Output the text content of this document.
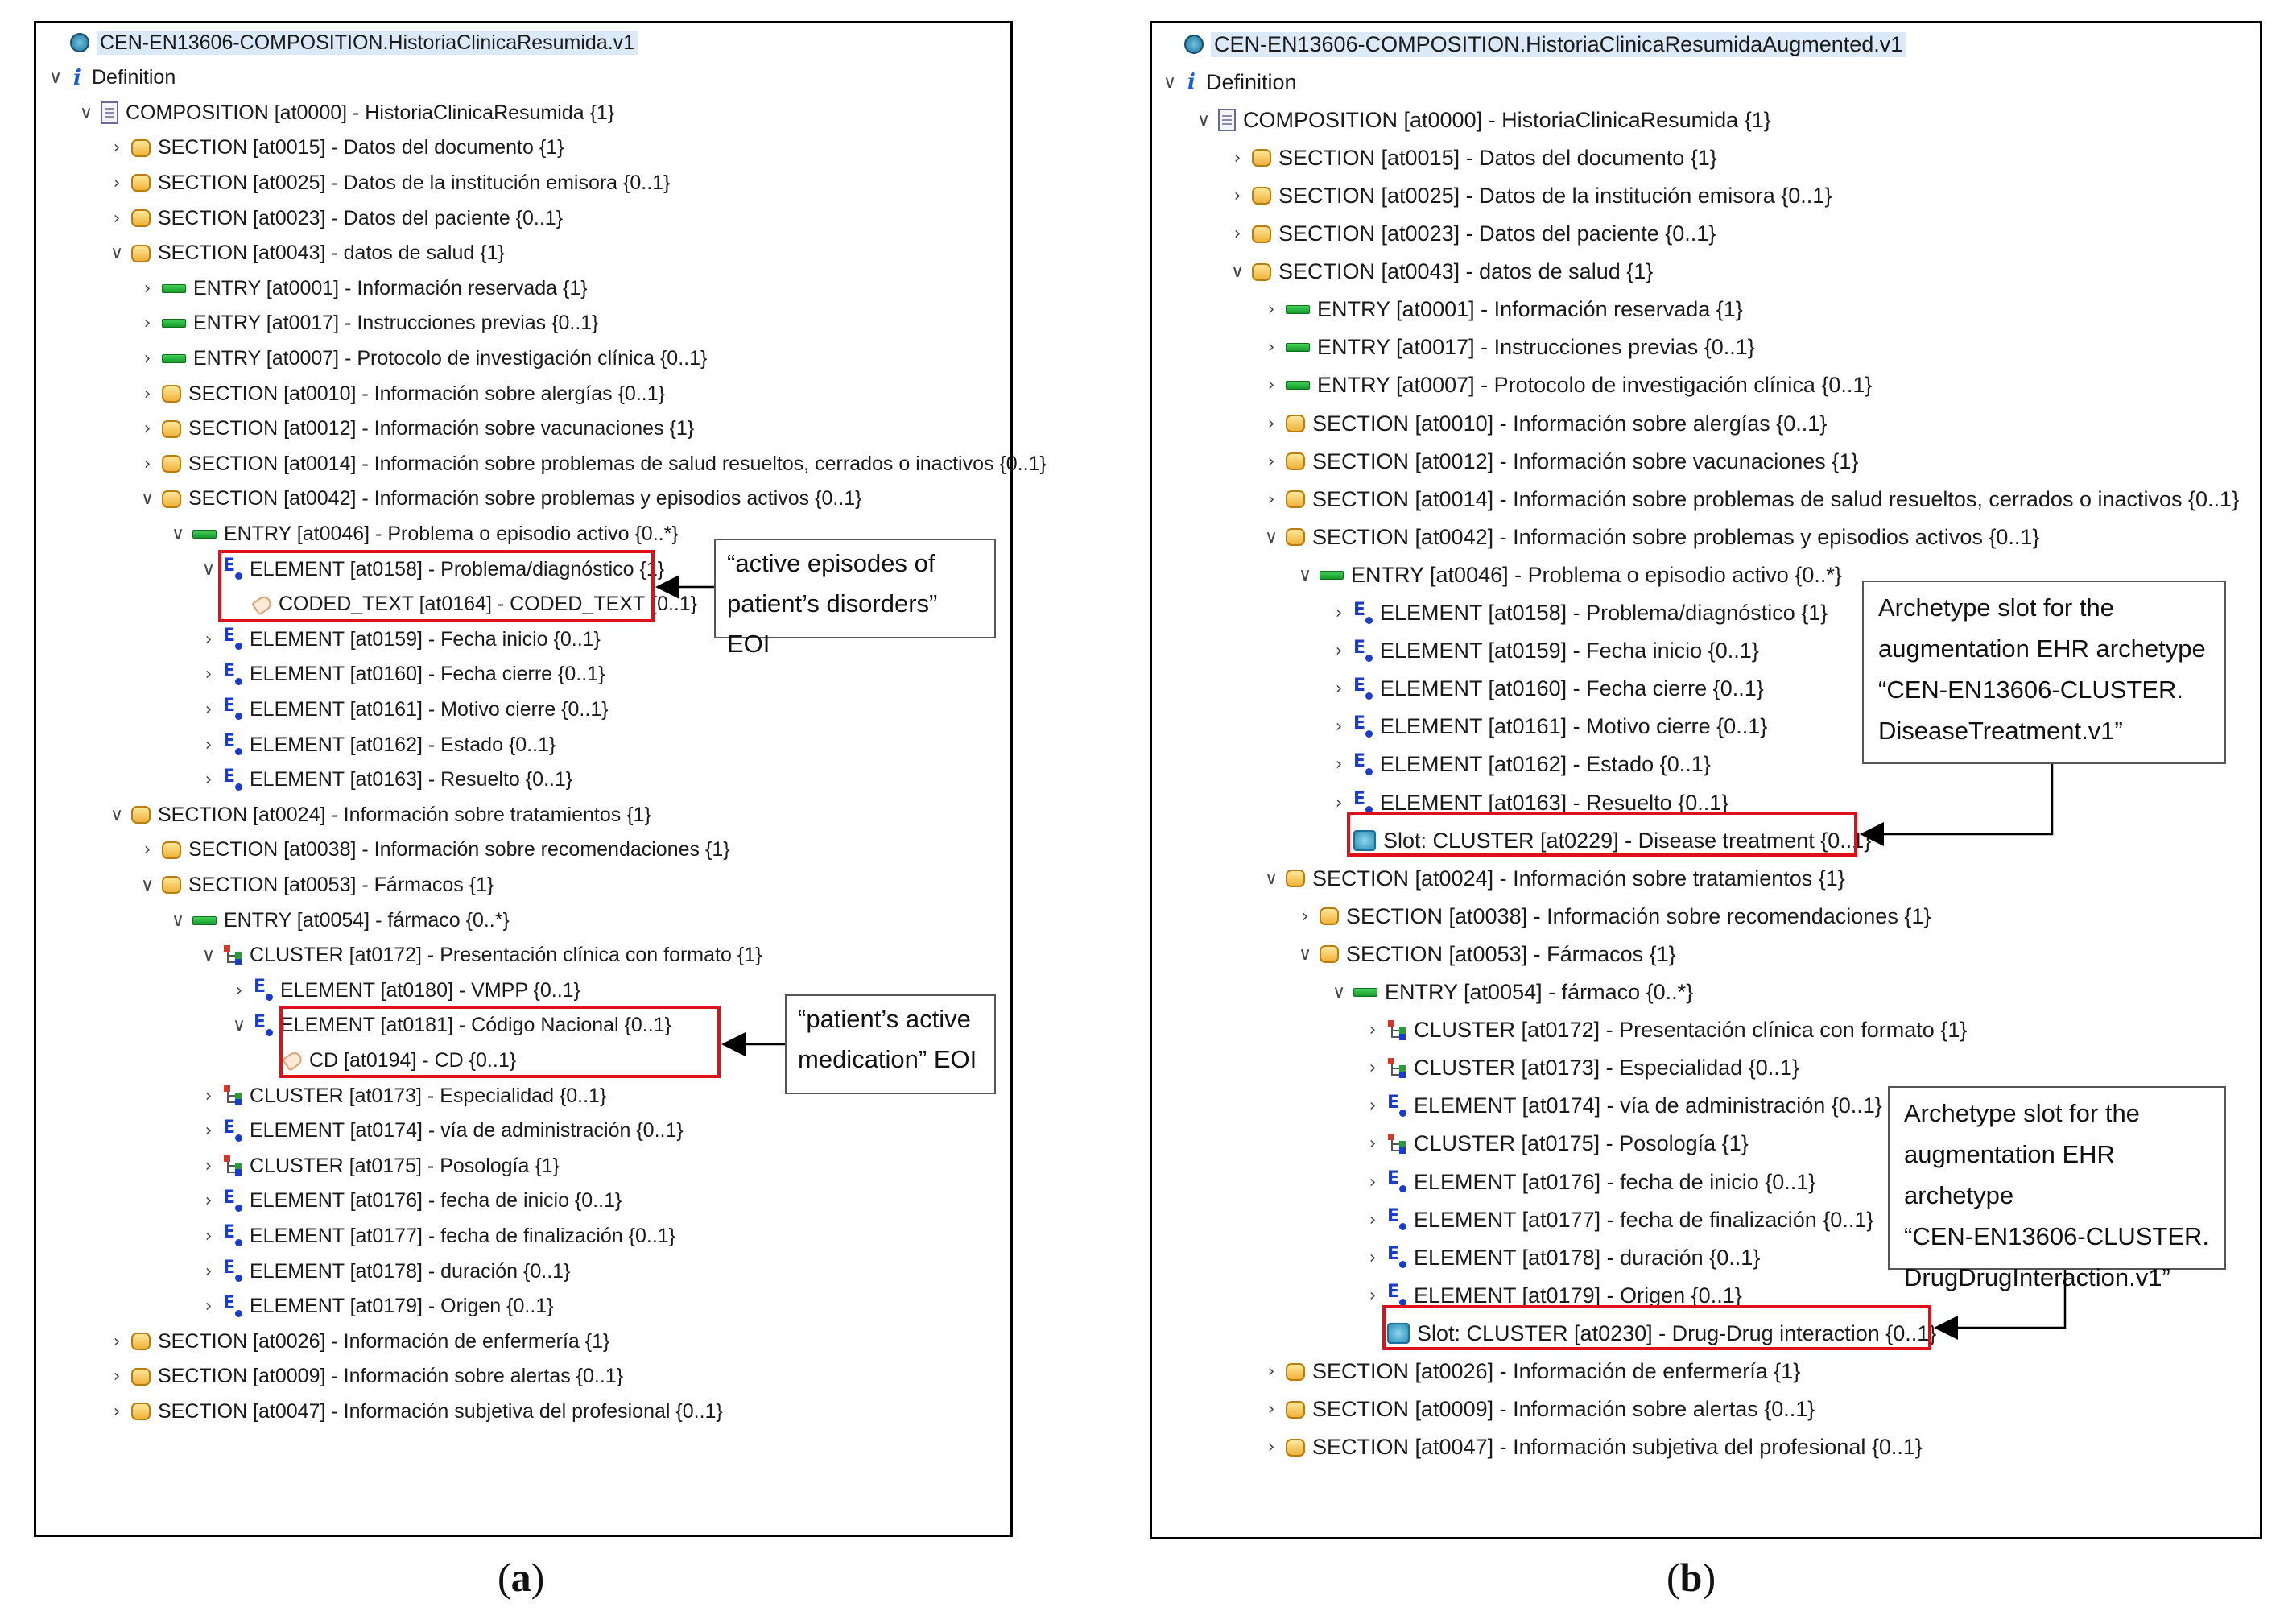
CEN-EN13606-COMPOSITION.HistoriaClinicaResumida.v1
∨ i Definition
∨ COMPOSITION [at0000] - HistoriaClinicaResumida {1}
›	SECTION [at0015] - Datos del documento {1}
›	SECTION [at0025] - Datos de la institución emisora {0..1}
›	SECTION [at0023] - Datos del paciente {0..1}
∨ SECTION [at0043] - datos de salud {1}
›	ENTRY [at0001] - Información reservada {1}
›	ENTRY [at0017] - Instrucciones previas {0..1}
›	ENTRY [at0007] - Protocolo de investigación clínica {0..1}
›	SECTION [at0010] - Información sobre alergías {0..1}
›	SECTION [at0012] - Información sobre vacunaciones {1}
›	SECTION [at0014] - Información sobre problemas de salud resueltos, cerrados o inactivos {0..1}
∨ SECTION [at0042] - Información sobre problemas y episodios activos {0..1}
∨ ENTRY [at0046] - Problema o episodio activo {0..*}
∨ E ELEMENT [at0158] - Problema/diagnóstico {1}
CODED_TEXT [at0164] - CODED_TEXT {0..1}
› E ELEMENT [at0159] - Fecha inicio {0..1}
› E ELEMENT [at0160] - Fecha cierre {0..1}
› E ELEMENT [at0161] - Motivo cierre {0..1}
› E ELEMENT [at0162] - Estado {0..1}
› E ELEMENT [at0163] - Resuelto {0..1}
∨ SECTION [at0024] - Información sobre tratamientos {1}
›	SECTION [at0038] - Información sobre recomendaciones {1}
∨ SECTION [at0053] - Fármacos {1}
∨ ENTRY [at0054] - fármaco {0..*}
∨ CLUSTER [at0172] - Presentación clínica con formato {1}
› E ELEMENT [at0180] - VMPP {0..1}
∨ E ELEMENT [at0181] - Código Nacional {0..1}
CD [at0194] - CD {0..1}
›	CLUSTER [at0173] - Especialidad {0..1}
› E ELEMENT [at0174] - vía de administración {0..1}
›	CLUSTER [at0175] - Posología {1}
› E ELEMENT [at0176] - fecha de inicio {0..1}
› E ELEMENT [at0177] - fecha de finalización {0..1}
› E ELEMENT [at0178] - duración {0..1}
› E ELEMENT [at0179] - Origen {0..1}
›	SECTION [at0026] - Información de enfermería {1}
›	SECTION [at0009] - Información sobre alertas {0..1}
›	SECTION [at0047] - Información subjetiva del profesional {0..1}
“active episodes of
patient’s disorders” EOI
“patient’s active
medication” EOI
CEN-EN13606-COMPOSITION.HistoriaClinicaResumidaAugmented.v1
∨ i Definition
∨ COMPOSITION [at0000] - HistoriaClinicaResumida {1}
› SECTION [at0015] - Datos del documento {1}
› SECTION [at0025] - Datos de la institución emisora {0..1}
› SECTION [at0023] - Datos del paciente {0..1}
∨ SECTION [at0043] - datos de salud {1}
› ENTRY [at0001] - Información reservada {1}
› ENTRY [at0017] - Instrucciones previas {0..1}
› ENTRY [at0007] - Protocolo de investigación clínica {0..1}
› SECTION [at0010] - Información sobre alergías {0..1}
› SECTION [at0012] - Información sobre vacunaciones {1}
› SECTION [at0014] - Información sobre problemas de salud resueltos, cerrados o inactivos {0..1}
∨ SECTION [at0042] - Información sobre problemas y episodios activos {0..1}
∨ ENTRY [at0046] - Problema o episodio activo {0..*}
› E ELEMENT [at0158] - Problema/diagnóstico {1}
› E ELEMENT [at0159] - Fecha inicio {0..1}
› E ELEMENT [at0160] - Fecha cierre {0..1}
› E ELEMENT [at0161] - Motivo cierre {0..1}
› E ELEMENT [at0162] - Estado {0..1}
› E ELEMENT [at0163] - Resuelto {0..1}
Slot: CLUSTER [at0229] - Disease treatment {0..1}
∨ SECTION [at0024] - Información sobre tratamientos {1}
› SECTION [at0038] - Información sobre recomendaciones {1}
∨ SECTION [at0053] - Fármacos {1}
∨ ENTRY [at0054] - fármaco {0..*}
› CLUSTER [at0172] - Presentación clínica con formato {1}
› CLUSTER [at0173] - Especialidad {0..1}
› E ELEMENT [at0174] - vía de administración {0..1}
› CLUSTER [at0175] - Posología {1}
› E ELEMENT [at0176] - fecha de inicio {0..1}
› E ELEMENT [at0177] - fecha de finalización {0..1}
› E ELEMENT [at0178] - duración {0..1}
› E ELEMENT [at0179] - Origen {0..1}
Slot: CLUSTER [at0230] - Drug-Drug interaction {0..1}
› SECTION [at0026] - Información de enfermería {1}
› SECTION [at0009] - Información sobre alertas {0..1}
› SECTION [at0047] - Información subjetiva del profesional {0..1}
Archetype slot for the
augmentation EHR archetype
“CEN-EN13606-CLUSTER.
DiseaseTreatment.v1”
Archetype slot for the
augmentation EHR archetype
“CEN-EN13606-CLUSTER.
DrugDrugInteraction.v1”
(a)	(b)
